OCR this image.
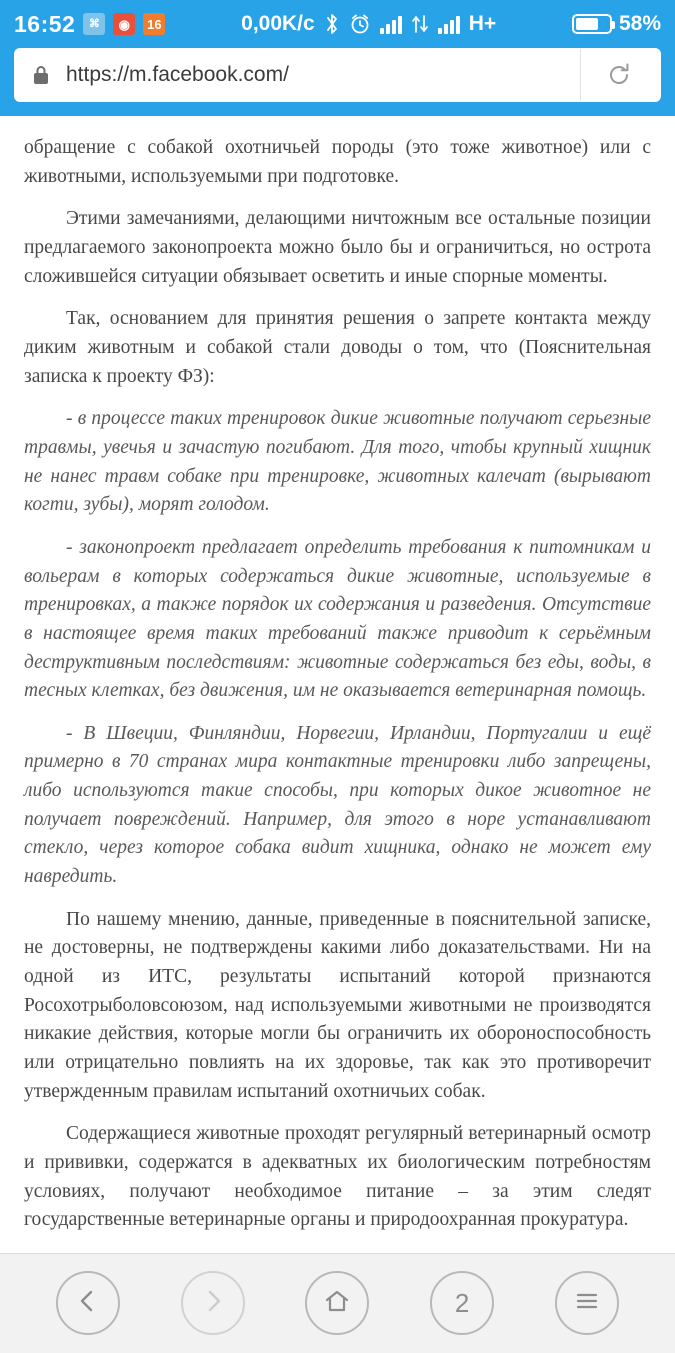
16:52	⌘	◉	16	0,00K/c	H+	58%
https://m.facebook.com/

обращение с собакой охотничьей породы (это тоже животное) или с животными, используемыми при подготовке.

Этими замечаниями, делающими ничтожным все остальные позиции предлагаемого законопроекта можно было бы и ограничиться, но острота сложившейся ситуации обязывает осветить и иные спорные моменты.

Так, основанием для принятия решения о запрете контакта между диким животным и собакой стали доводы о том, что (Пояснительная записка к проекту ФЗ):

- в процессе таких тренировок дикие животные получают серьезные травмы, увечья и зачастую погибают. Для того, чтобы крупный хищник не нанес травм собаке при тренировке, животных калечат (вырывают когти, зубы), морят голодом.

- законопроект предлагает определить требования к питомникам и вольерам в которых содержаться дикие животные, используемые в тренировках, а также порядок их содержания и разведения. Отсутствие в настоящее время таких требований также приводит к серьёмным деструктивным последствиям: животные содержаться без еды, воды, в тесных клетках, без движения, им не оказывается ветеринарная помощь.

- В Швеции, Финляндии, Норвегии, Ирландии, Португалии и ещё примерно в 70 странах мира контактные тренировки либо запрещены, либо используются такие способы, при которых дикое животное не получает повреждений. Например, для этого в норе устанавливают стекло, через которое собака видит хищника, однако не может ему навредить.

По нашему мнению, данные, приведенные в пояснительной записке, не достоверны, не подтверждены какими либо доказательствами. Ни на одной из ИТС, результаты испытаний которой признаются Росохотрыболовсоюзом, над используемыми животными не производятся никакие действия, которые могли бы ограничить их обороноспособность или отрицательно повлиять на их здоровье, так как это противоречит утвержденным правилам испытаний охотничьих собак.

Содержащиеся животные проходят регулярный ветеринарный осмотр и прививки, содержатся в адекватных их биологическим потребностям условиях, получают необходимое питание – за этим следят государственные ветеринарные органы и природоохранная прокуратура.

2
